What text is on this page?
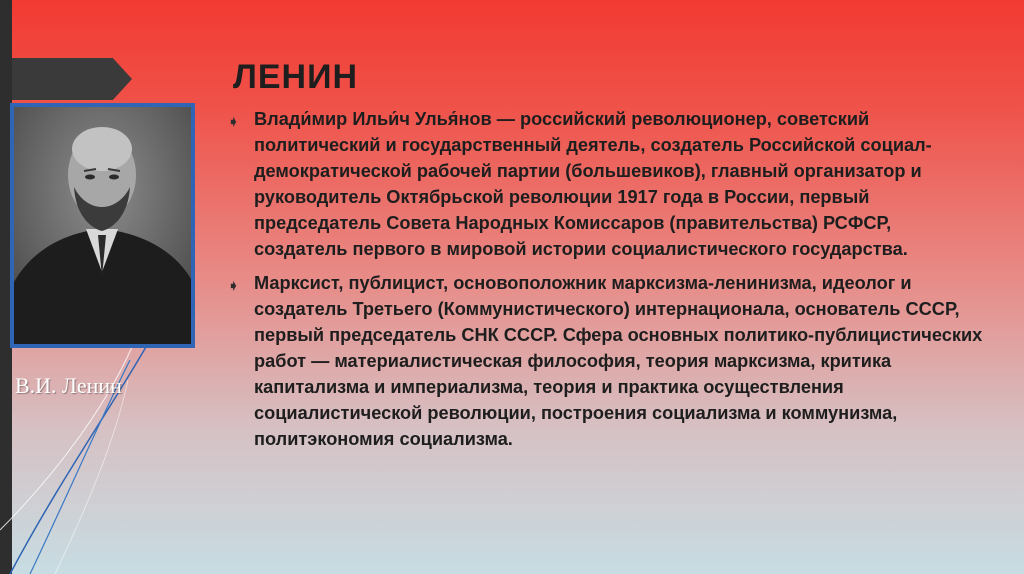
В.И. Ленин
ЛЕНИН
➧ Влади́мир Ильи́ч Улья́нов — российский революционер, советский политический и государственный деятель, создатель Российской социал-демократической рабочей партии (большевиков), главный организатор и руководитель Октябрьской революции 1917 года в России, первый председатель Совета Народных Комиссаров (правительства) РСФСР, создатель первого в мировой истории социалистического государства.
➧ Марксист, публицист, основоположник марксизма-ленинизма, идеолог и создатель Третьего (Коммунистического) интернационала, основатель СССР, первый председатель СНК СССР. Сфера основных политико-публицистических работ — материалистическая философия, теория марксизма, критика капитализма и империализма, теория и практика осуществления социалистической революции, построения социализма и коммунизма, политэкономия социализма.
